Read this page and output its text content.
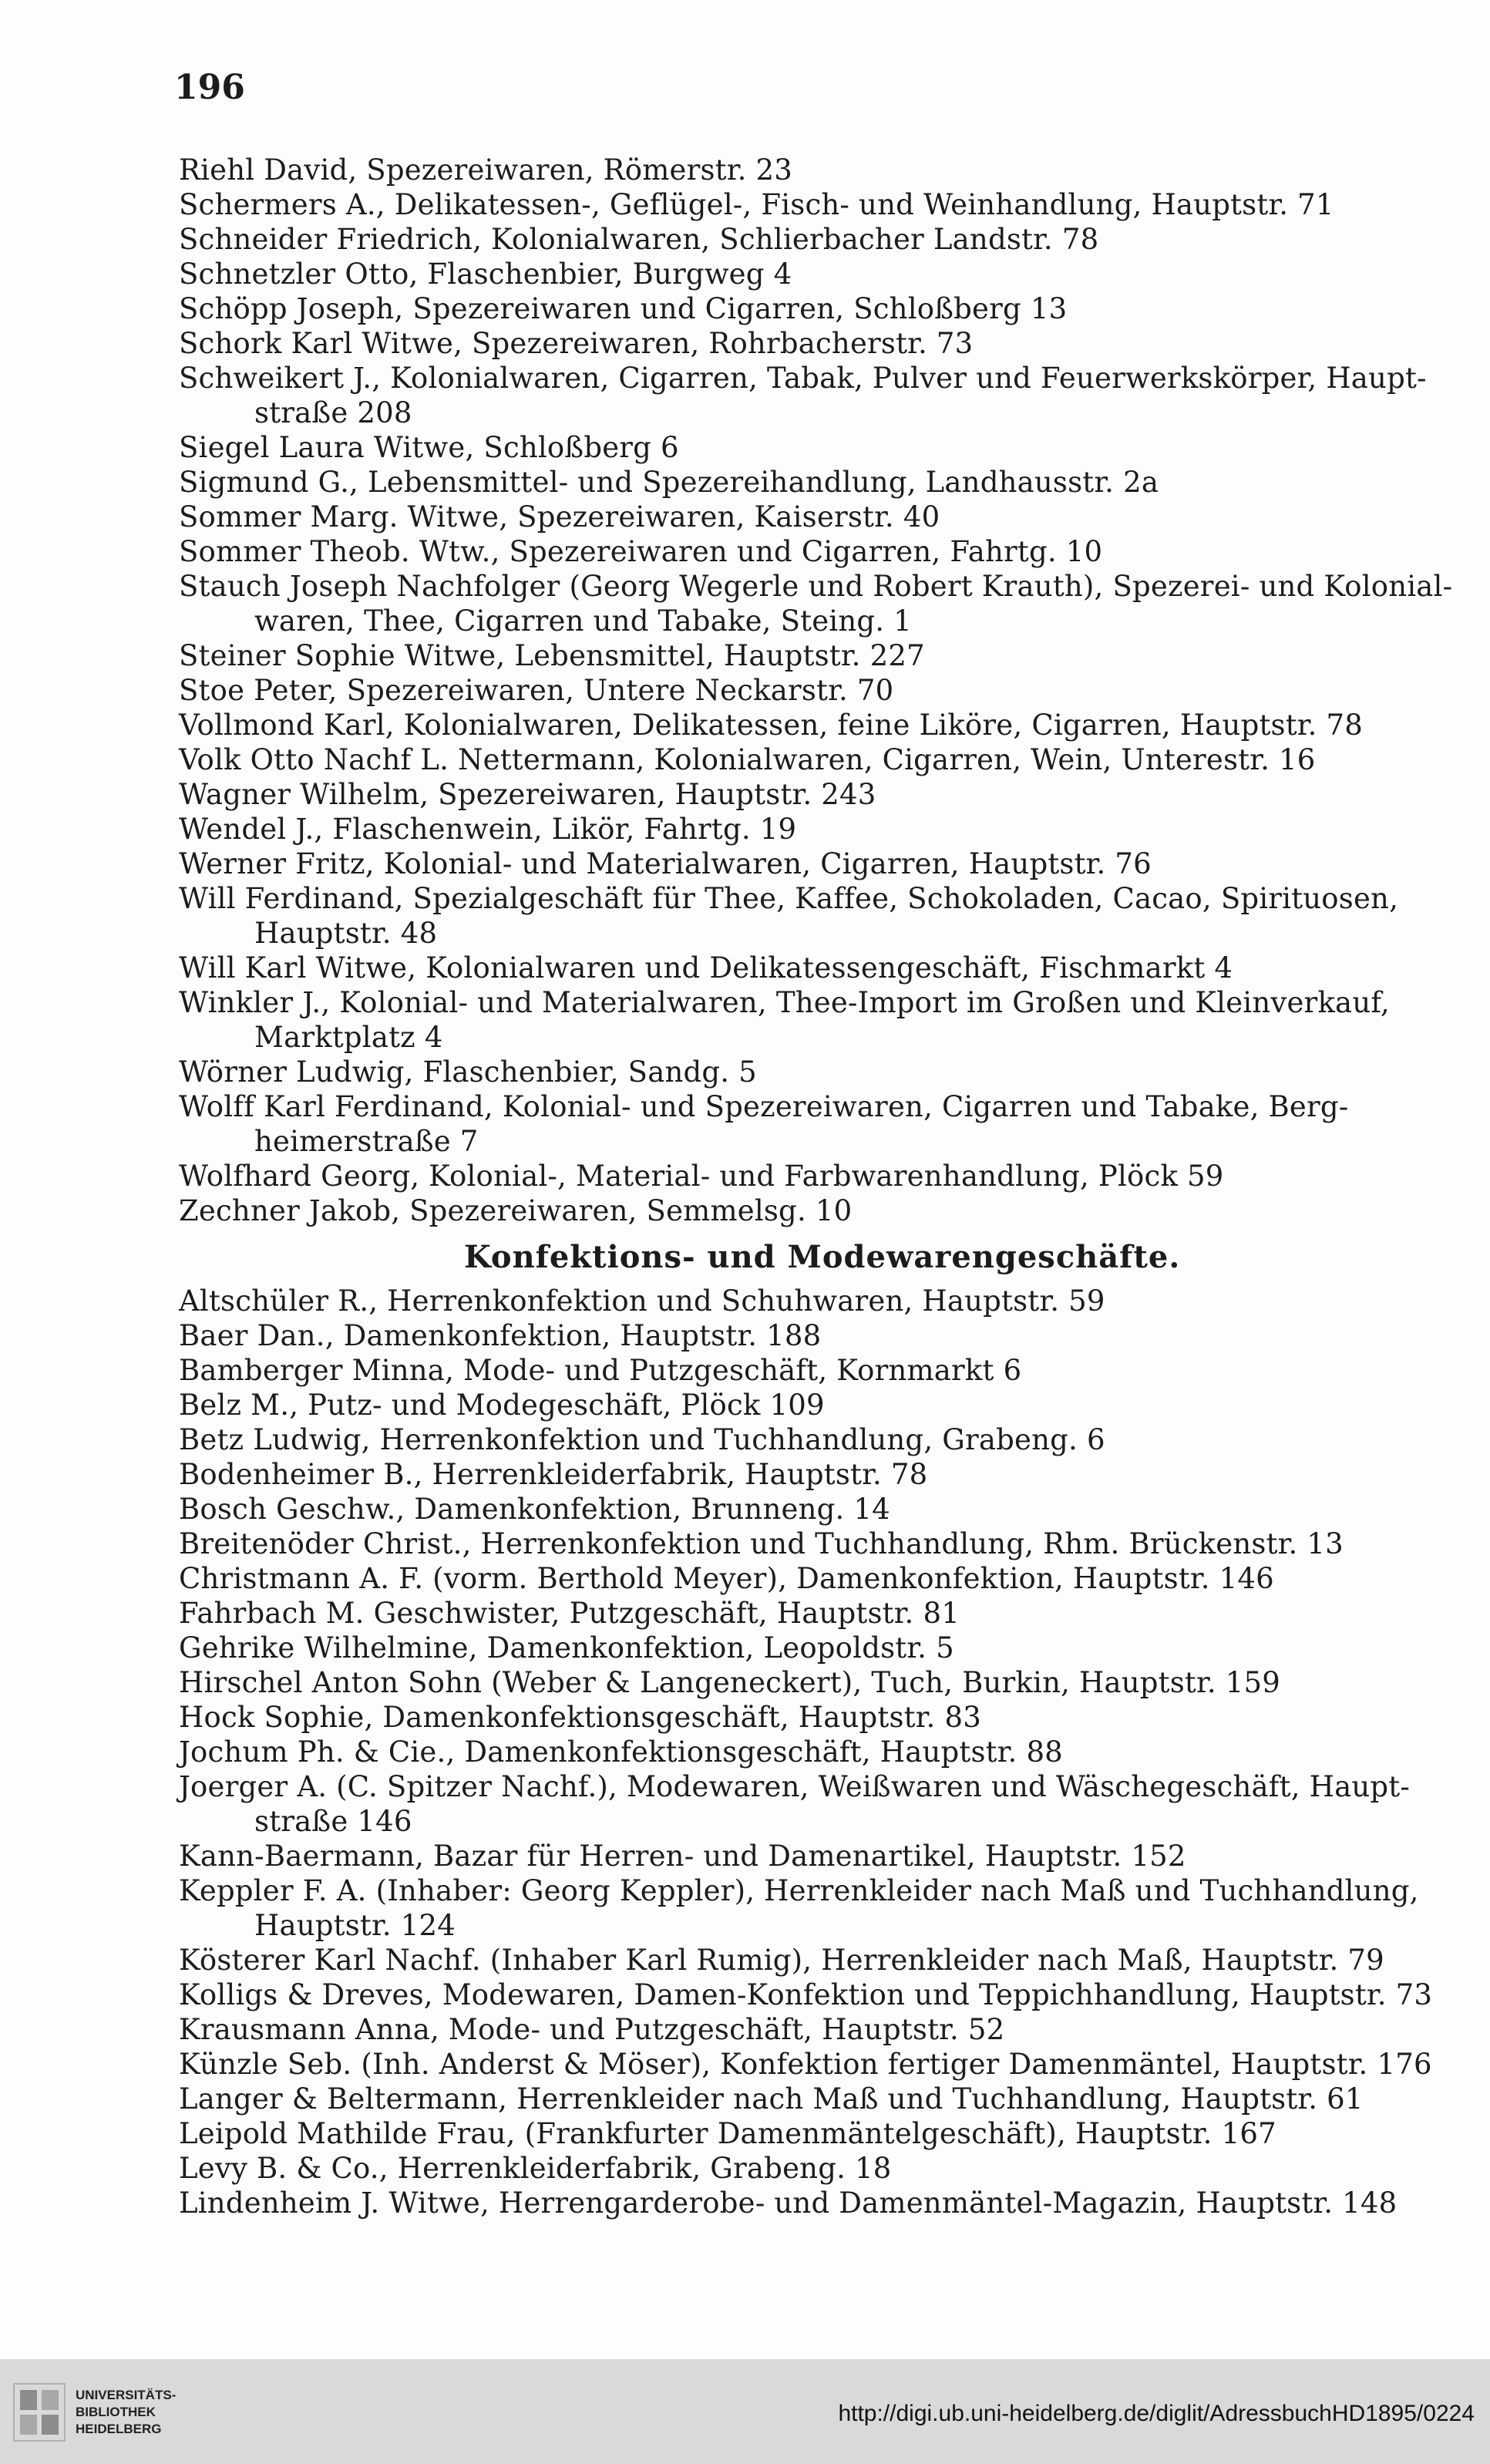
196
Riehl David, Spezereiwaren, Römerstr. 23
Schermers A., Delikatessen-, Geflügel-, Fisch- und Weinhandlung, Hauptstr. 71
Schneider Friedrich, Kolonialwaren, Schlierbacher Landstr. 78
Schnetzler Otto, Flaschenbier, Burgweg 4
Schöpp Joseph, Spezereiwaren und Cigarren, Schloßberg 13
Schork Karl Witwe, Spezereiwaren, Rohrbacherstr. 73
Schweikert J., Kolonialwaren, Cigarren, Tabak, Pulver und Feuerwerkskörper, Haupt-
straße 208
Siegel Laura Witwe, Schloßberg 6
Sigmund G., Lebensmittel- und Spezereihandlung, Landhausstr. 2a
Sommer Marg. Witwe, Spezereiwaren, Kaiserstr. 40
Sommer Theob. Wtw., Spezereiwaren und Cigarren, Fahrtg. 10
Stauch Joseph Nachfolger (Georg Wegerle und Robert Krauth), Spezerei- und Kolonial-
waren, Thee, Cigarren und Tabake, Steing. 1
Steiner Sophie Witwe, Lebensmittel, Hauptstr. 227
Stoe Peter, Spezereiwaren, Untere Neckarstr. 70
Vollmond Karl, Kolonialwaren, Delikatessen, feine Liköre, Cigarren, Hauptstr. 78
Volk Otto Nachf L. Nettermann, Kolonialwaren, Cigarren, Wein, Unterestr. 16
Wagner Wilhelm, Spezereiwaren, Hauptstr. 243
Wendel J., Flaschenwein, Likör, Fahrtg. 19
Werner Fritz, Kolonial- und Materialwaren, Cigarren, Hauptstr. 76
Will Ferdinand, Spezialgeschäft für Thee, Kaffee, Schokoladen, Cacao, Spirituosen,
Hauptstr. 48
Will Karl Witwe, Kolonialwaren und Delikatessengeschäft, Fischmarkt 4
Winkler J., Kolonial- und Materialwaren, Thee-Import im Großen und Kleinverkauf,
Marktplatz 4
Wörner Ludwig, Flaschenbier, Sandg. 5
Wolff Karl Ferdinand, Kolonial- und Spezereiwaren, Cigarren und Tabake, Berg-
heimerstraße 7
Wolfhard Georg, Kolonial-, Material- und Farbwarenhandlung, Plöck 59
Zechner Jakob, Spezereiwaren, Semmelsg. 10
Konfektions- und Modewarengeschäfte.
Altschüler R., Herrenkonfektion und Schuhwaren, Hauptstr. 59
Baer Dan., Damenkonfektion, Hauptstr. 188
Bamberger Minna, Mode- und Putzgeschäft, Kornmarkt 6
Belz M., Putz- und Modegeschäft, Plöck 109
Betz Ludwig, Herrenkonfektion und Tuchhandlung, Grabeng. 6
Bodenheimer B., Herrenkleiderfabrik, Hauptstr. 78
Bosch Geschw., Damenkonfektion, Brunneng. 14
Breitenöder Christ., Herrenkonfektion und Tuchhandlung, Rhm. Brückenstr. 13
Christmann A. F. (vorm. Berthold Meyer), Damenkonfektion, Hauptstr. 146
Fahrbach M. Geschwister, Putzgeschäft, Hauptstr. 81
Gehrike Wilhelmine, Damenkonfektion, Leopoldstr. 5
Hirschel Anton Sohn (Weber & Langeneckert), Tuch, Burkin, Hauptstr. 159
Hock Sophie, Damenkonfektionsgeschäft, Hauptstr. 83
Jochum Ph. & Cie., Damenkonfektionsgeschäft, Hauptstr. 88
Joerger A. (C. Spitzer Nachf.), Modewaren, Weißwaren und Wäschegeschäft, Haupt-
straße 146
Kann-Baermann, Bazar für Herren- und Damenartikel, Hauptstr. 152
Keppler F. A. (Inhaber: Georg Keppler), Herrenkleider nach Maß und Tuchhandlung,
Hauptstr. 124
Kösterer Karl Nachf. (Inhaber Karl Rumig), Herrenkleider nach Maß, Hauptstr. 79
Kolligs & Dreves, Modewaren, Damen-Konfektion und Teppichhandlung, Hauptstr. 73
Krausmann Anna, Mode- und Putzgeschäft, Hauptstr. 52
Künzle Seb. (Inh. Anderst & Möser), Konfektion fertiger Damenmäntel, Hauptstr. 176
Langer & Beltermann, Herrenkleider nach Maß und Tuchhandlung, Hauptstr. 61
Leipold Mathilde Frau, (Frankfurter Damenmäntelgeschäft), Hauptstr. 167
Levy B. & Co., Herrenkleiderfabrik, Grabeng. 18
Lindenheim J. Witwe, Herrengarderobe- und Damenmäntel-Magazin, Hauptstr. 148
UNIVERSITÄTS-
BIBLIOTHEK
HEIDELBERG
http://digi.ub.uni-heidelberg.de/diglit/AdressbuchHD1895/0224
